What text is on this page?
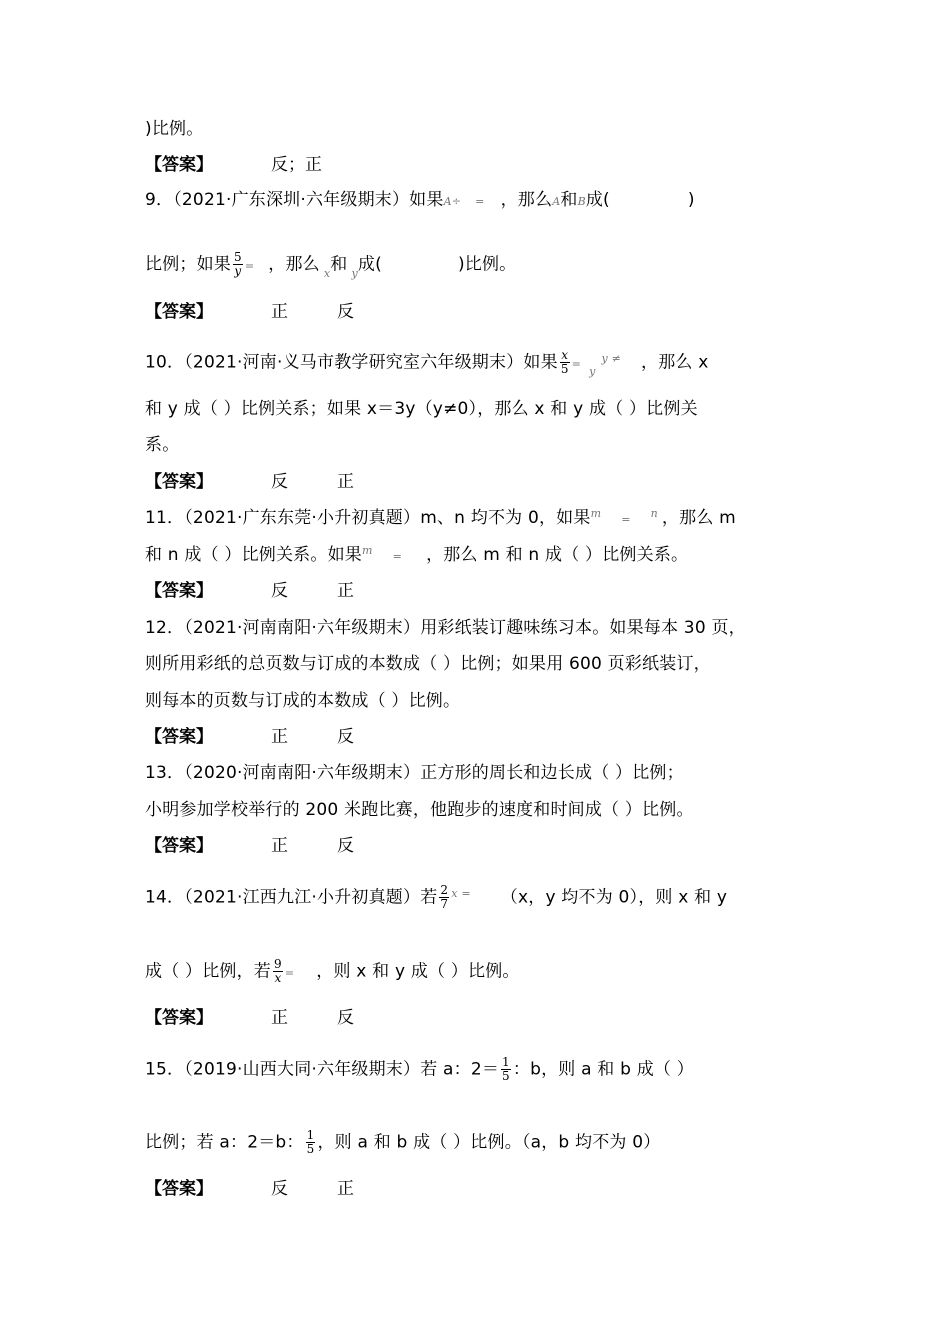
)比例。
【答案】	反；正
9．（2021·广东深圳·六年级期末）如果A÷ = ，那么A和B成(	)
比例；如果 $\frac{5}{y}$ = ，那么 $_x$和 $_y$成(	)比例。
【答案】	正	反
10．（2021·河南·义马市教学研究室六年级期末）如果 $\frac{x}{5} =_y^{y \ne}$ ，那么 x
和 y 成（ ）比例关系；如果 x＝3y（y≠0），那么 x 和 y 成（ ）比例关
系。
【答案】	反	正
11．（2021·广东东莞·小升初真题）m、n 均不为 0，如果$^m$ = $^n$ ，那么 m
和 n 成（ ）比例关系。如果$^m$ = ，那么 m 和 n 成（ ）比例关系。
【答案】	反	正
12．（2021·河南南阳·六年级期末）用彩纸装订趣味练习本。如果每本 30 页，
则所用彩纸的总页数与订成的本数成（ ）比例；如果用 600 页彩纸装订，
则每本的页数与订成的本数成（ ）比例。
【答案】	正	反
13．（2020·河南南阳·六年级期末）正方形的周长和边长成（ ）比例；
小明参加学校举行的 200 米跑比赛，他跑步的速度和时间成（ ）比例。
【答案】	正	反
14．（2021·江西九江·小升初真题）若 $\frac{2}{7} ^{x =}$ （x，y 均不为 0），则 x 和 y
成（ ）比例，若 $\frac{9}{x}$ = ，则 x 和 y 成（ ）比例。
【答案】	正	反
15．（2019·山西大同·六年级期末）若 a：$2= \frac{1}{5}$ ：b，则 a 和 b 成（ ）
比例；若 a：2＝b： $\frac{1}{5}$ ，则 a 和 b 成（ ）比例。（a，b 均不为 0）
【答案】	反	正
